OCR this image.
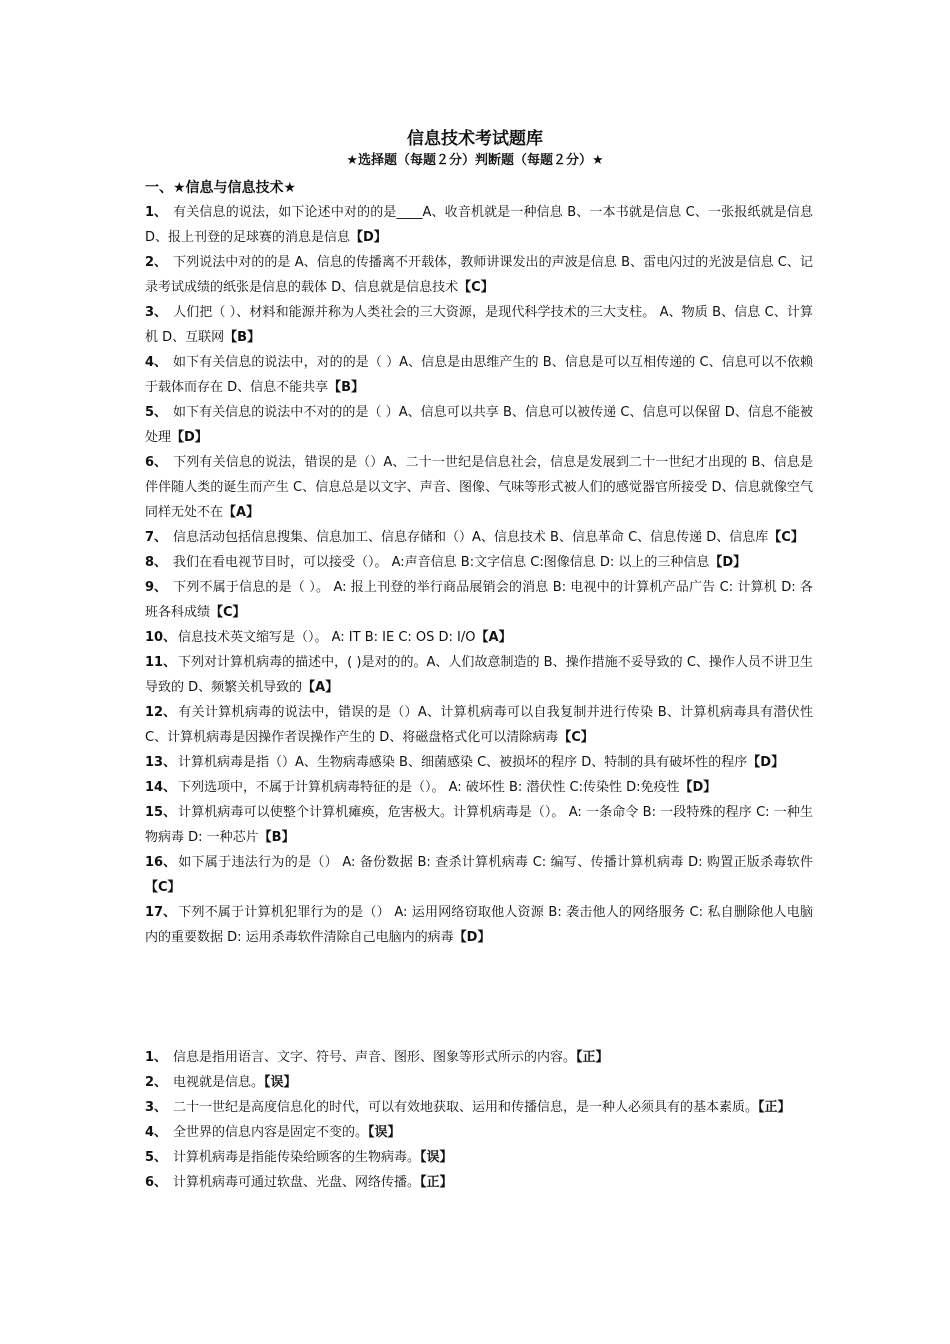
信息技术考试题库
★选择题（每题２分）判断题（每题２分）★
一、★信息与信息技术★

1、 有关信息的说法，如下论述中对的的是____A、收音机就是一种信息 B、一本书就是信息 C、一张报纸就是信息 D、报上刊登的足球赛的消息是信息【D】

2、 下列说法中对的的是 A、信息的传播离不开载体，教师讲课发出的声波是信息 B、雷电闪过的光波是信息 C、记录考试成绩的纸张是信息的载体 D、信息就是信息技术【C】

3、 人们把（ ）、材料和能源并称为人类社会的三大资源，是现代科学技术的三大支柱。 A、物质 B、信息 C、计算机 D、互联网【B】

4、 如下有关信息的说法中，对的的是（ ）A、信息是由思维产生的 B、信息是可以互相传递的 C、信息可以不依赖于载体而存在 D、信息不能共享【B】

5、 如下有关信息的说法中不对的的是（ ）A、信息可以共享 B、信息可以被传递 C、信息可以保留 D、信息不能被处理【D】

6、 下列有关信息的说法，错误的是（）A、二十一世纪是信息社会，信息是发展到二十一世纪才出现的 B、信息是伴伴随人类的诞生而产生 C、信息总是以文字、声音、图像、气味等形式被人们的感觉器官所接受 D、信息就像空气同样无处不在【A】

7、 信息活动包括信息搜集、信息加工、信息存储和（）A、信息技术 B、信息革命 C、信息传递 D、信息库【C】

8、 我们在看电视节目时，可以接受（）。 A:声音信息 B:文字信息 C:图像信息 D: 以上的三种信息【D】

9、 下列不属于信息的是（ ）。 A: 报上刊登的举行商品展销会的消息 B: 电视中的计算机产品广告 C: 计算机 D: 各班各科成绩【C】

10、 信息技术英文缩写是（）。 A: IT B: IE C: OS D: I/O【A】

11、 下列对计算机病毒的描述中，( )是对的的。A、人们故意制造的 B、操作措施不妥导致的 C、操作人员不讲卫生导致的 D、频繁关机导致的【A】

12、 有关计算机病毒的说法中，错误的是（）A、计算机病毒可以自我复制并进行传染 B、计算机病毒具有潜伏性 C、计算机病毒是因操作者误操作产生的 D、将磁盘格式化可以清除病毒【C】

13、 计算机病毒是指（）A、生物病毒感染 B、细菌感染 C、被损坏的程序 D、特制的具有破坏性的程序【D】

14、 下列选项中，不属于计算机病毒特征的是（）。 A: 破坏性 B: 潜伏性 C:传染性 D:免疫性【D】

15、 计算机病毒可以使整个计算机瘫痪，危害极大。计算机病毒是（）。 A: 一条命令 B: 一段特殊的程序 C: 一种生物病毒 D: 一种芯片【B】

16、 如下属于违法行为的是（） A: 备份数据 B: 查杀计算机病毒 C: 编写、传播计算机病毒 D: 购置正版杀毒软件【C】

17、 下列不属于计算机犯罪行为的是（） A: 运用网络窃取他人资源 B: 袭击他人的网络服务 C: 私自删除他人电脑内的重要数据 D: 运用杀毒软件清除自己电脑内的病毒【D】

1、 信息是指用语言、文字、符号、声音、图形、图象等形式所示的内容。【正】

2、 电视就是信息。【误】

3、 二十一世纪是高度信息化的时代，可以有效地获取、运用和传播信息，是一种人必须具有的基本素质。【正】

4、 全世界的信息内容是固定不变的。【误】

5、 计算机病毒是指能传染给顾客的生物病毒。【误】

6、 计算机病毒可通过软盘、光盘、网络传播。【正】
